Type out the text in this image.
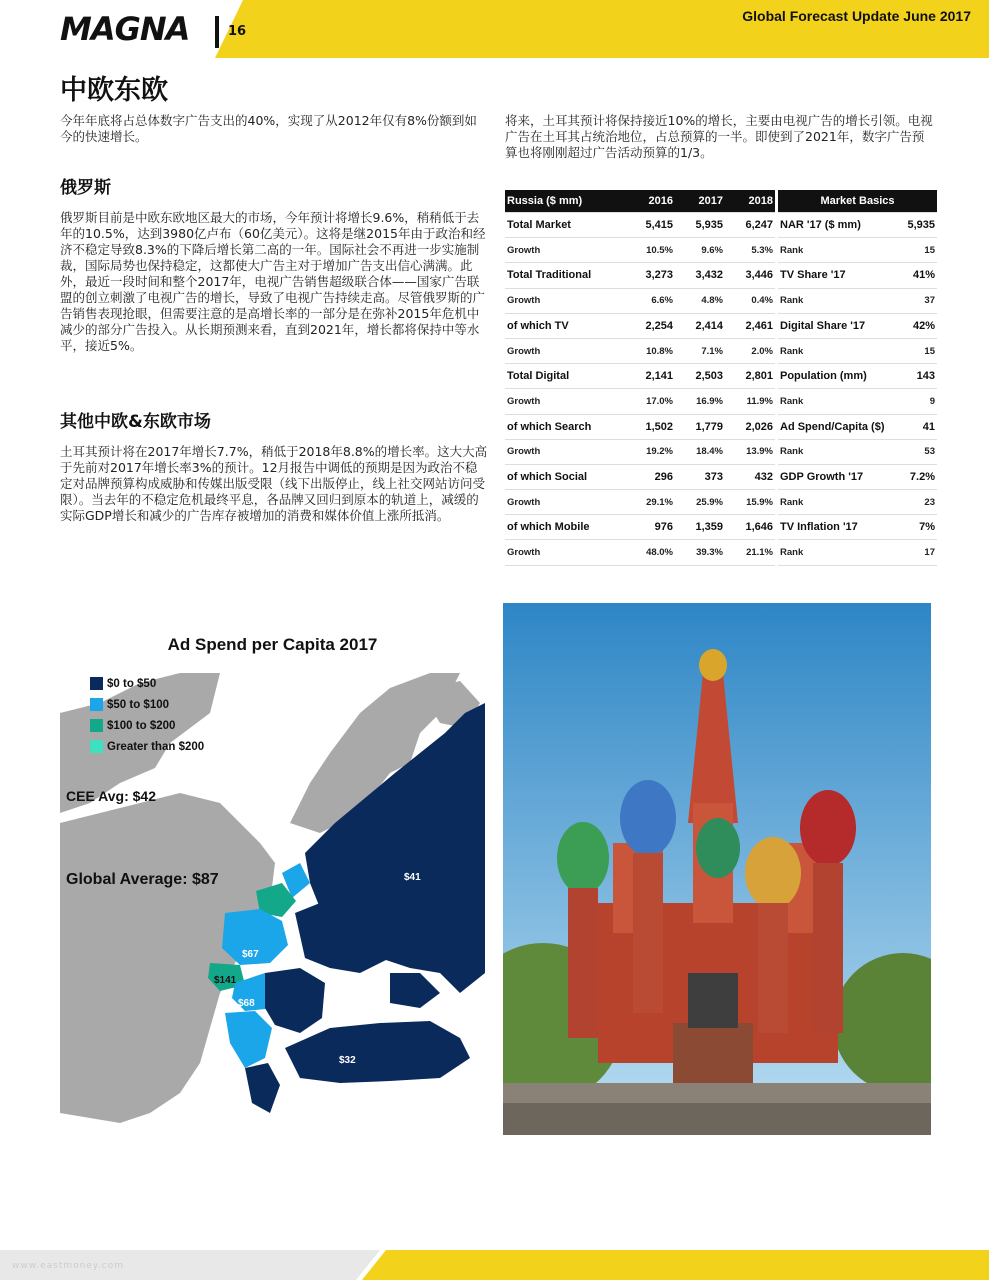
MAGNA	16
Global Forecast Update June 2017
中欧东欧

今年年底将占总体数字广告支出的40%，实现了从2012年仅有8%份额到如今的快速增长。

将来，土耳其预计将保持接近10%的增长，主要由电视广告的增长引领。电视广告在土耳其占统治地位，占总预算的一半。即使到了2021年，数字广告预算也将刚刚超过广告活动预算的1/3。

俄罗斯

俄罗斯目前是中欧东欧地区最大的市场，今年预计将增长9.6%，稍稍低于去年的10.5%，达到3980亿卢布（60亿美元）。这将是继2015年由于政治和经济不稳定导致8.3%的下降后增长第二高的一年。国际社会不再进一步实施制裁，国际局势也保持稳定，这都使大广告主对于增加广告支出信心满满。此外，最近一段时间和整个2017年，电视广告销售超级联合体——国家广告联盟的创立刺激了电视广告的增长，导致了电视广告持续走高。尽管俄罗斯的广告销售表现抢眼，但需要注意的是高增长率的一部分是在弥补2015年危机中减少的部分广告投入。从长期预测来看，直到2021年，增长都将保持中等水平，接近5%。

其他中欧&东欧市场

土耳其预计将在2017年增长7.7%，稍低于2018年8.8%的增长率。这大大高于先前对2017年增长率3%的预计。12月报告中调低的预期是因为政治不稳定对品牌预算构成威胁和传媒出版受限（线下出版停止，线上社交网站访问受限）。当去年的不稳定危机最终平息，各品牌又回归到原本的轨道上，减缓的实际GDP增长和减少的广告库存被增加的消费和媒体价值上涨所抵消。

Russia ($ mm)	2016	2017	2018		Market Basics	
Total Market	5,415	5,935	6,247		NAR '17 ($ mm)	5,935
Growth	10.5%	9.6%	5.3%		Rank	15
Total Traditional	3,273	3,432	3,446		TV Share '17	41%
Growth	6.6%	4.8%	0.4%		Rank	37
of which TV	2,254	2,414	2,461		Digital Share '17	42%
Growth	10.8%	7.1%	2.0%		Rank	15
Total Digital	2,141	2,503	2,801		Population (mm)	143
Growth	17.0%	16.9%	11.9%		Rank	9
of which Search	1,502	1,779	2,026		Ad Spend/Capita ($)	41
Growth	19.2%	18.4%	13.9%		Rank	53
of which Social	296	373	432		GDP Growth '17	7.2%
Growth	29.1%	25.9%	15.9%		Rank	23
of which Mobile	976	1,359	1,646		TV Inflation '17	7%
Growth	48.0%	39.3%	21.1%		Rank	17
Ad Spend per Capita 2017
$0 to $50
$50 to $100
$100 to $200
Greater than $200
CEE Avg: $42
Global Average: $87	$41
$67
$141
$68
$32
www.eastmoney.com
